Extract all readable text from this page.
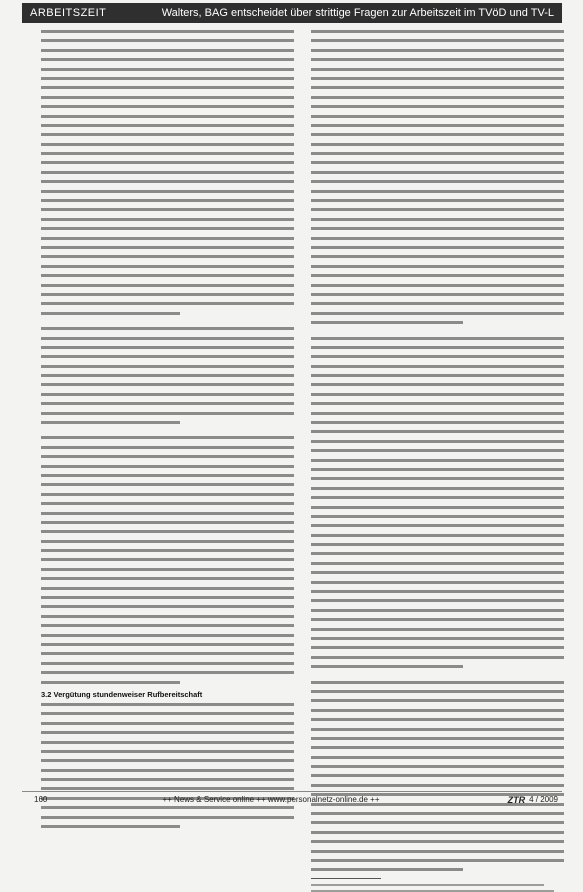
ARBEITSZEIT	Walters, BAG entscheidet über strittige Fragen zur Arbeitszeit im TVöD und TV-L
3.2 Vergütung stundenweiser Rufbereitschaft
160	++ News & Service online ++ www.personalnetz-online.de ++	ZTR 4 / 2009
